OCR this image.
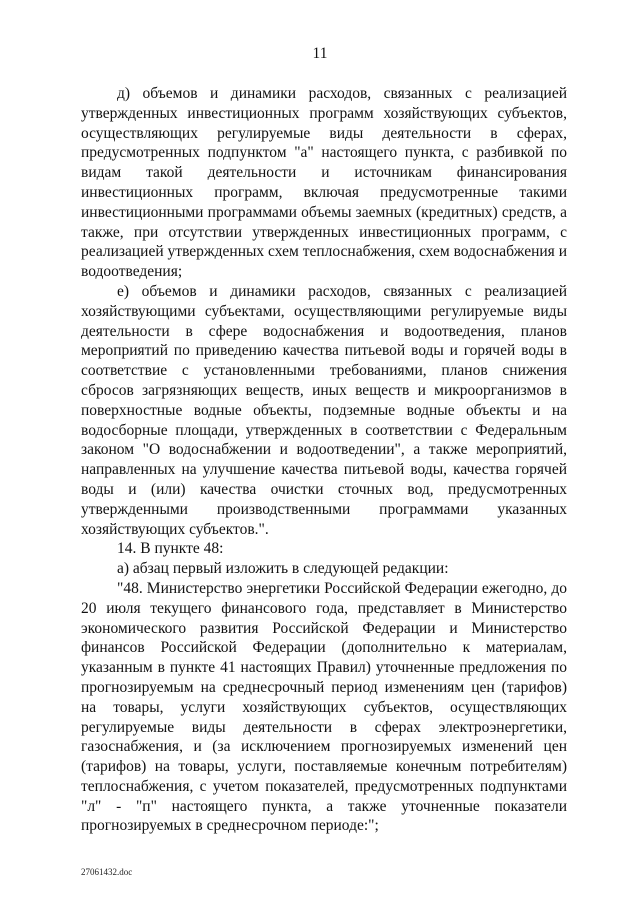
11

д) объемов и динамики расходов, связанных с реализацией утвержденных инвестиционных программ хозяйствующих субъектов, осуществляющих регулируемые виды деятельности в сферах, предусмотренных подпунктом "а" настоящего пункта, с разбивкой по видам такой деятельности и источникам финансирования инвестиционных программ, включая предусмотренные такими инвестиционными программами объемы заемных (кредитных) средств, а также, при отсутствии утвержденных инвестиционных программ, с реализацией утвержденных схем теплоснабжения, схем водоснабжения и водоотведения;

е) объемов и динамики расходов, связанных с реализацией хозяйствующими субъектами, осуществляющими регулируемые виды деятельности в сфере водоснабжения и водоотведения, планов мероприятий по приведению качества питьевой воды и горячей воды в соответствие с установленными требованиями, планов снижения сбросов загрязняющих веществ, иных веществ и микроорганизмов в поверхностные водные объекты, подземные водные объекты и на водосборные площади, утвержденных в соответствии с Федеральным законом "О водоснабжении и водоотведении", а также мероприятий, направленных на улучшение качества питьевой воды, качества горячей воды и (или) качества очистки сточных вод, предусмотренных утвержденными производственными программами указанных хозяйствующих субъектов.".

14. В пункте 48:

а) абзац первый изложить в следующей редакции:

"48. Министерство энергетики Российской Федерации ежегодно, до 20 июля текущего финансового года, представляет в Министерство экономического развития Российской Федерации и Министерство финансов Российской Федерации (дополнительно к материалам, указанным в пункте 41 настоящих Правил) уточненные предложения по прогнозируемым на среднесрочный период изменениям цен (тарифов) на товары, услуги хозяйствующих субъектов, осуществляющих регулируемые виды деятельности в сферах электроэнергетики, газоснабжения, и (за исключением прогнозируемых изменений цен (тарифов) на товары, услуги, поставляемые конечным потребителям) теплоснабжения, с учетом показателей, предусмотренных подпунктами "л" - "п" настоящего пункта, а также уточненные показатели прогнозируемых в среднесрочном периоде:";

27061432.doc
